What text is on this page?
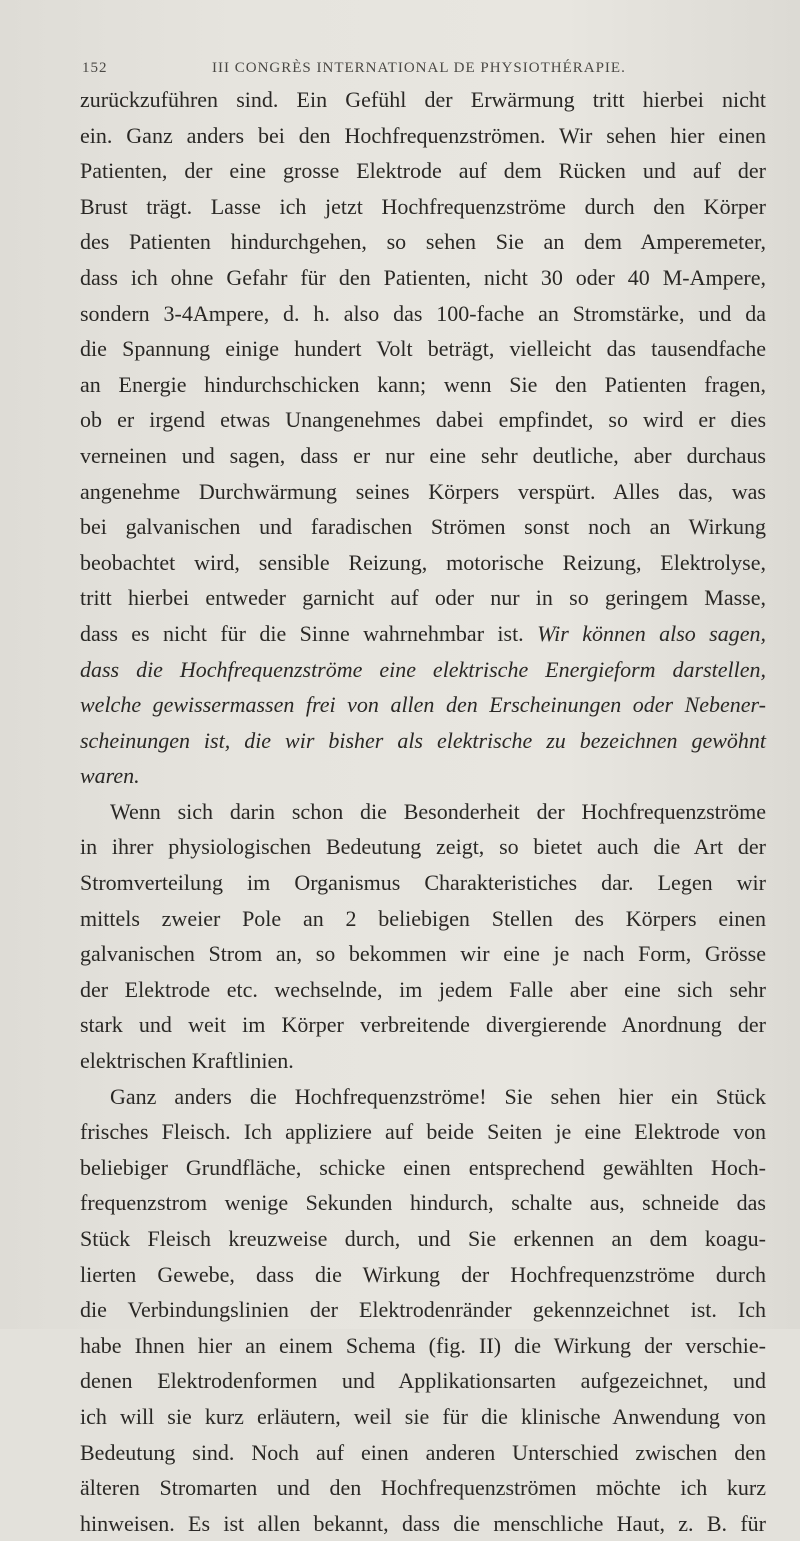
152	III CONGRÈS INTERNATIONAL DE PHYSIOTHÉRAPIE.
zurückzuführen sind. Ein Gefühl der Erwärmung tritt hierbei nicht
ein. Ganz anders bei den Hochfrequenzströmen. Wir sehen hier einen
Patienten, der eine grosse Elektrode auf dem Rücken und auf der
Brust trägt. Lasse ich jetzt Hochfrequenzströme durch den Körper
des Patienten hindurchgehen, so sehen Sie an dem Amperemeter,
dass ich ohne Gefahr für den Patienten, nicht 30 oder 40 M-Ampere,
sondern 3-4Ampere, d. h. also das 100-fache an Stromstärke, und da
die Spannung einige hundert Volt beträgt, vielleicht das tausendfache
an Energie hindurchschicken kann; wenn Sie den Patienten fragen,
ob er irgend etwas Unangenehmes dabei empfindet, so wird er dies
verneinen und sagen, dass er nur eine sehr deutliche, aber durchaus
angenehme Durchwärmung seines Körpers verspürt. Alles das, was
bei galvanischen und faradischen Strömen sonst noch an Wirkung
beobachtet wird, sensible Reizung, motorische Reizung, Elektrolyse,
tritt hierbei entweder garnicht auf oder nur in so geringem Masse,
dass es nicht für die Sinne wahrnehmbar ist. Wir können also sagen,
dass die Hochfrequenzströme eine elektrische Energieform darstellen,
welche gewissermassen frei von allen den Erscheinungen oder Nebener-
scheinungen ist, die wir bisher als elektrische zu bezeichnen gewöhnt
waren.
Wenn sich darin schon die Besonderheit der Hochfrequenzströme
in ihrer physiologischen Bedeutung zeigt, so bietet auch die Art der
Stromverteilung im Organismus Charakteristiches dar. Legen wir
mittels zweier Pole an 2 beliebigen Stellen des Körpers einen
galvanischen Strom an, so bekommen wir eine je nach Form, Grösse
der Elektrode etc. wechselnde, im jedem Falle aber eine sich sehr
stark und weit im Körper verbreitende divergierende Anordnung der
elektrischen Kraftlinien.
Ganz anders die Hochfrequenzströme! Sie sehen hier ein Stück
frisches Fleisch. Ich appliziere auf beide Seiten je eine Elektrode von
beliebiger Grundfläche, schicke einen entsprechend gewählten Hoch-
frequenzstrom wenige Sekunden hindurch, schalte aus, schneide das
Stück Fleisch kreuzweise durch, und Sie erkennen an dem koagu-
lierten Gewebe, dass die Wirkung der Hochfrequenzströme durch
die Verbindungslinien der Elektrodenränder gekennzeichnet ist. Ich
habe Ihnen hier an einem Schema (fig. II) die Wirkung der verschie-
denen Elektrodenformen und Applikationsarten aufgezeichnet, und
ich will sie kurz erläutern, weil sie für die klinische Anwendung von
Bedeutung sind. Noch auf einen anderen Unterschied zwischen den
älteren Stromarten und den Hochfrequenzströmen möchte ich kurz
hinweisen. Es ist allen bekannt, dass die menschliche Haut, z. B. für
